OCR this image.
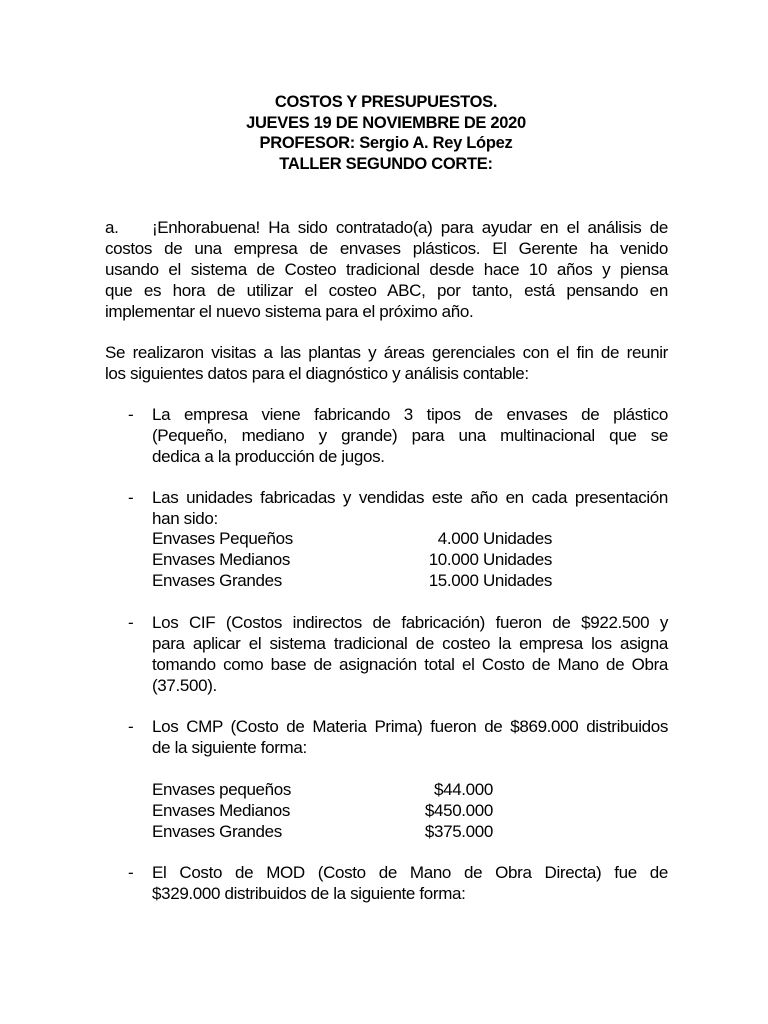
COSTOS Y PRESUPUESTOS.
JUEVES 19 DE NOVIEMBRE DE 2020
PROFESOR: Sergio A. Rey López
TALLER SEGUNDO CORTE:
a. ¡Enhorabuena! Ha sido contratado(a) para ayudar en el análisis de
costos de una empresa de envases plásticos. El Gerente ha venido
usando el sistema de Costeo tradicional desde hace 10 años y piensa
que es hora de utilizar el costeo ABC, por tanto, está pensando en
implementar el nuevo sistema para el próximo año.
Se realizaron visitas a las plantas y áreas gerenciales con el fin de reunir
los siguientes datos para el diagnóstico y análisis contable:
- La empresa viene fabricando 3 tipos de envases de plástico
(Pequeño, mediano y grande) para una multinacional que se
dedica a la producción de jugos.
- Las unidades fabricadas y vendidas este año en cada presentación
han sido:
Envases Pequeños	4.000 Unidades
Envases Medianos	10.000 Unidades
Envases Grandes	15.000 Unidades
- Los CIF (Costos indirectos de fabricación) fueron de $922.500 y
para aplicar el sistema tradicional de costeo la empresa los asigna
tomando como base de asignación total el Costo de Mano de Obra
(37.500).
- Los CMP (Costo de Materia Prima) fueron de $869.000 distribuidos
de la siguiente forma:
Envases pequeños	$44.000
Envases Medianos	$450.000
Envases Grandes	$375.000
- El Costo de MOD (Costo de Mano de Obra Directa) fue de
$329.000 distribuidos de la siguiente forma:
